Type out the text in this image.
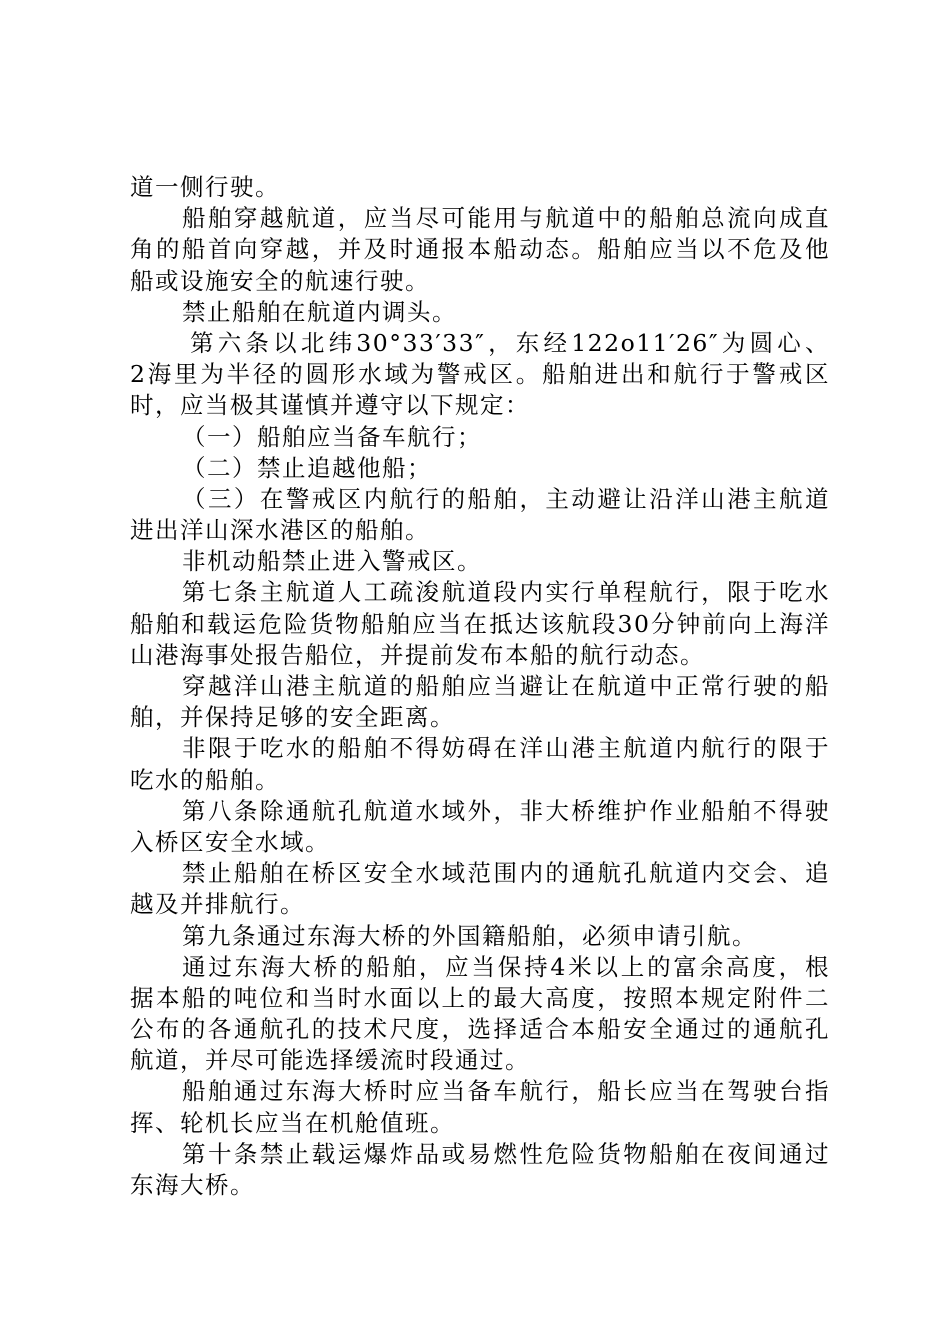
道一侧行驶。
船舶穿越航道，应当尽可能用与航道中的船舶总流向成直
角的船首向穿越，并及时通报本船动态。船舶应当以不危及他
船或设施安全的航速行驶。
禁止船舶在航道内调头。
第六条以北纬30°33′33″，东经122o11′26″为圆心、
2海里为半径的圆形水域为警戒区。船舶进出和航行于警戒区
时，应当极其谨慎并遵守以下规定：
（一）船舶应当备车航行；
（二）禁止追越他船；
（三）在警戒区内航行的船舶，主动避让沿洋山港主航道
进出洋山深水港区的船舶。
非机动船禁止进入警戒区。
第七条主航道人工疏浚航道段内实行单程航行，限于吃水
船舶和载运危险货物船舶应当在抵达该航段30分钟前向上海洋
山港海事处报告船位，并提前发布本船的航行动态。
穿越洋山港主航道的船舶应当避让在航道中正常行驶的船
舶，并保持足够的安全距离。
非限于吃水的船舶不得妨碍在洋山港主航道内航行的限于
吃水的船舶。
第八条除通航孔航道水域外，非大桥维护作业船舶不得驶
入桥区安全水域。
禁止船舶在桥区安全水域范围内的通航孔航道内交会、追
越及并排航行。
第九条通过东海大桥的外国籍船舶，必须申请引航。
通过东海大桥的船舶，应当保持4米以上的富余高度，根
据本船的吨位和当时水面以上的最大高度，按照本规定附件二
公布的各通航孔的技术尺度，选择适合本船安全通过的通航孔
航道，并尽可能选择缓流时段通过。
船舶通过东海大桥时应当备车航行，船长应当在驾驶台指
挥、轮机长应当在机舱值班。
第十条禁止载运爆炸品或易燃性危险货物船舶在夜间通过
东海大桥。
